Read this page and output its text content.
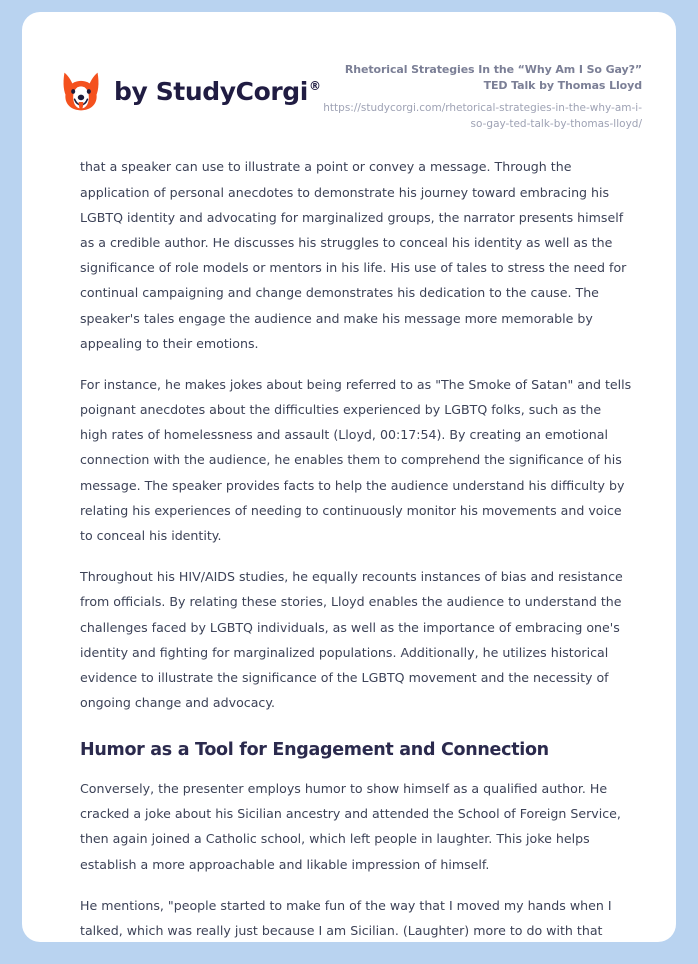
by StudyCorgi®

Rhetorical Strategies In the “Why Am I So Gay?” TED Talk by Thomas Lloyd

https://studycorgi.com/rhetorical-strategies-in-the-why-am-i-so-gay-ted-talk-by-thomas-lloyd/

that a speaker can use to illustrate a point or convey a message. Through the application of personal anecdotes to demonstrate his journey toward embracing his LGBTQ identity and advocating for marginalized groups, the narrator presents himself as a credible author. He discusses his struggles to conceal his identity as well as the significance of role models or mentors in his life. His use of tales to stress the need for continual campaigning and change demonstrates his dedication to the cause. The speaker's tales engage the audience and make his message more memorable by appealing to their emotions.

For instance, he makes jokes about being referred to as "The Smoke of Satan" and tells poignant anecdotes about the difficulties experienced by LGBTQ folks, such as the high rates of homelessness and assault (Lloyd, 00:17:54). By creating an emotional connection with the audience, he enables them to comprehend the significance of his message. The speaker provides facts to help the audience understand his difficulty by relating his experiences of needing to continuously monitor his movements and voice to conceal his identity.

Throughout his HIV/AIDS studies, he equally recounts instances of bias and resistance from officials. By relating these stories, Lloyd enables the audience to understand the challenges faced by LGBTQ individuals, as well as the importance of embracing one's identity and fighting for marginalized populations. Additionally, he utilizes historical evidence to illustrate the significance of the LGBTQ movement and the necessity of ongoing change and advocacy.

Humor as a Tool for Engagement and Connection

Conversely, the presenter employs humor to show himself as a qualified author. He cracked a joke about his Sicilian ancestry and attended the School of Foreign Service, then again joined a Catholic school, which left people in laughter. This joke helps establish a more approachable and likable impression of himself.

He mentions, "people started to make fun of the way that I moved my hands when I talked, which was really just because I am Sicilian. (Laughter) more to do with that
